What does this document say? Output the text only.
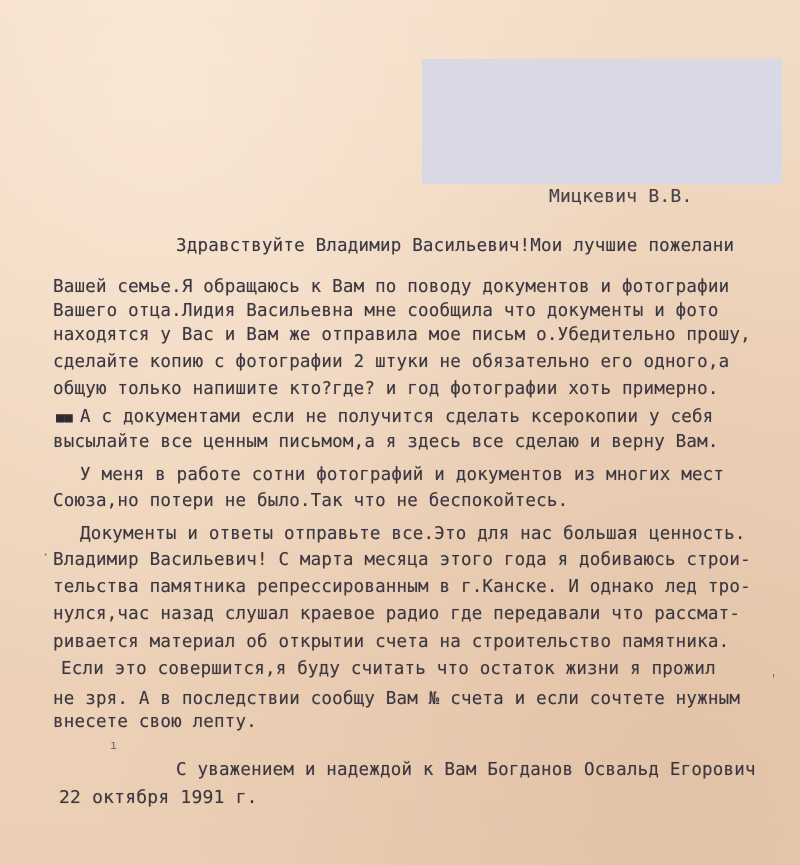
Мицкевич В.В.
Здравствуйте Владимир Васильевич!Мои лучшие пожелани
Вашей семье.Я обращаюсь к Вам по поводу документов и фотографии
Вашего отца.Лидия Васильевна мне сообщила что документы и фото
находятся у Вас и Вам же отправила мое письм о.Убедительно прошу,
сделайте копию с фотографии 2 штуки не обязательно его одного,а
общую только напишите кто?где? и год фотографии хоть примерно.
■■ А с документами если не получится сделать ксерокопии у себя
высылайте все ценным письмом,а я здесь все сделаю и верну Вам.
У меня в работе сотни фотографий и документов из многих мест
Союза,но потери не было.Так что не беспокойтесь.
Документы и ответы отправьте все.Это для нас большая ценность.
· Владимир Васильевич! С марта месяца этого года я добиваюсь строи-
тельства памятника репрессированным в г.Канске. И однако лед тро-
нулся,час назад слушал краевое радио где передавали что рассмат-
ривается материал об открытии счета на строительство памятника.
Если это совершится,я буду считать что остаток жизни я прожил
не зря. А в последствии сообщу Вам № счета и если сочтете нужным
внесете свою лепту.
ı
'
С уважением и надеждой к Вам Богданов Освальд Егорович
22 октября 1991 г.
